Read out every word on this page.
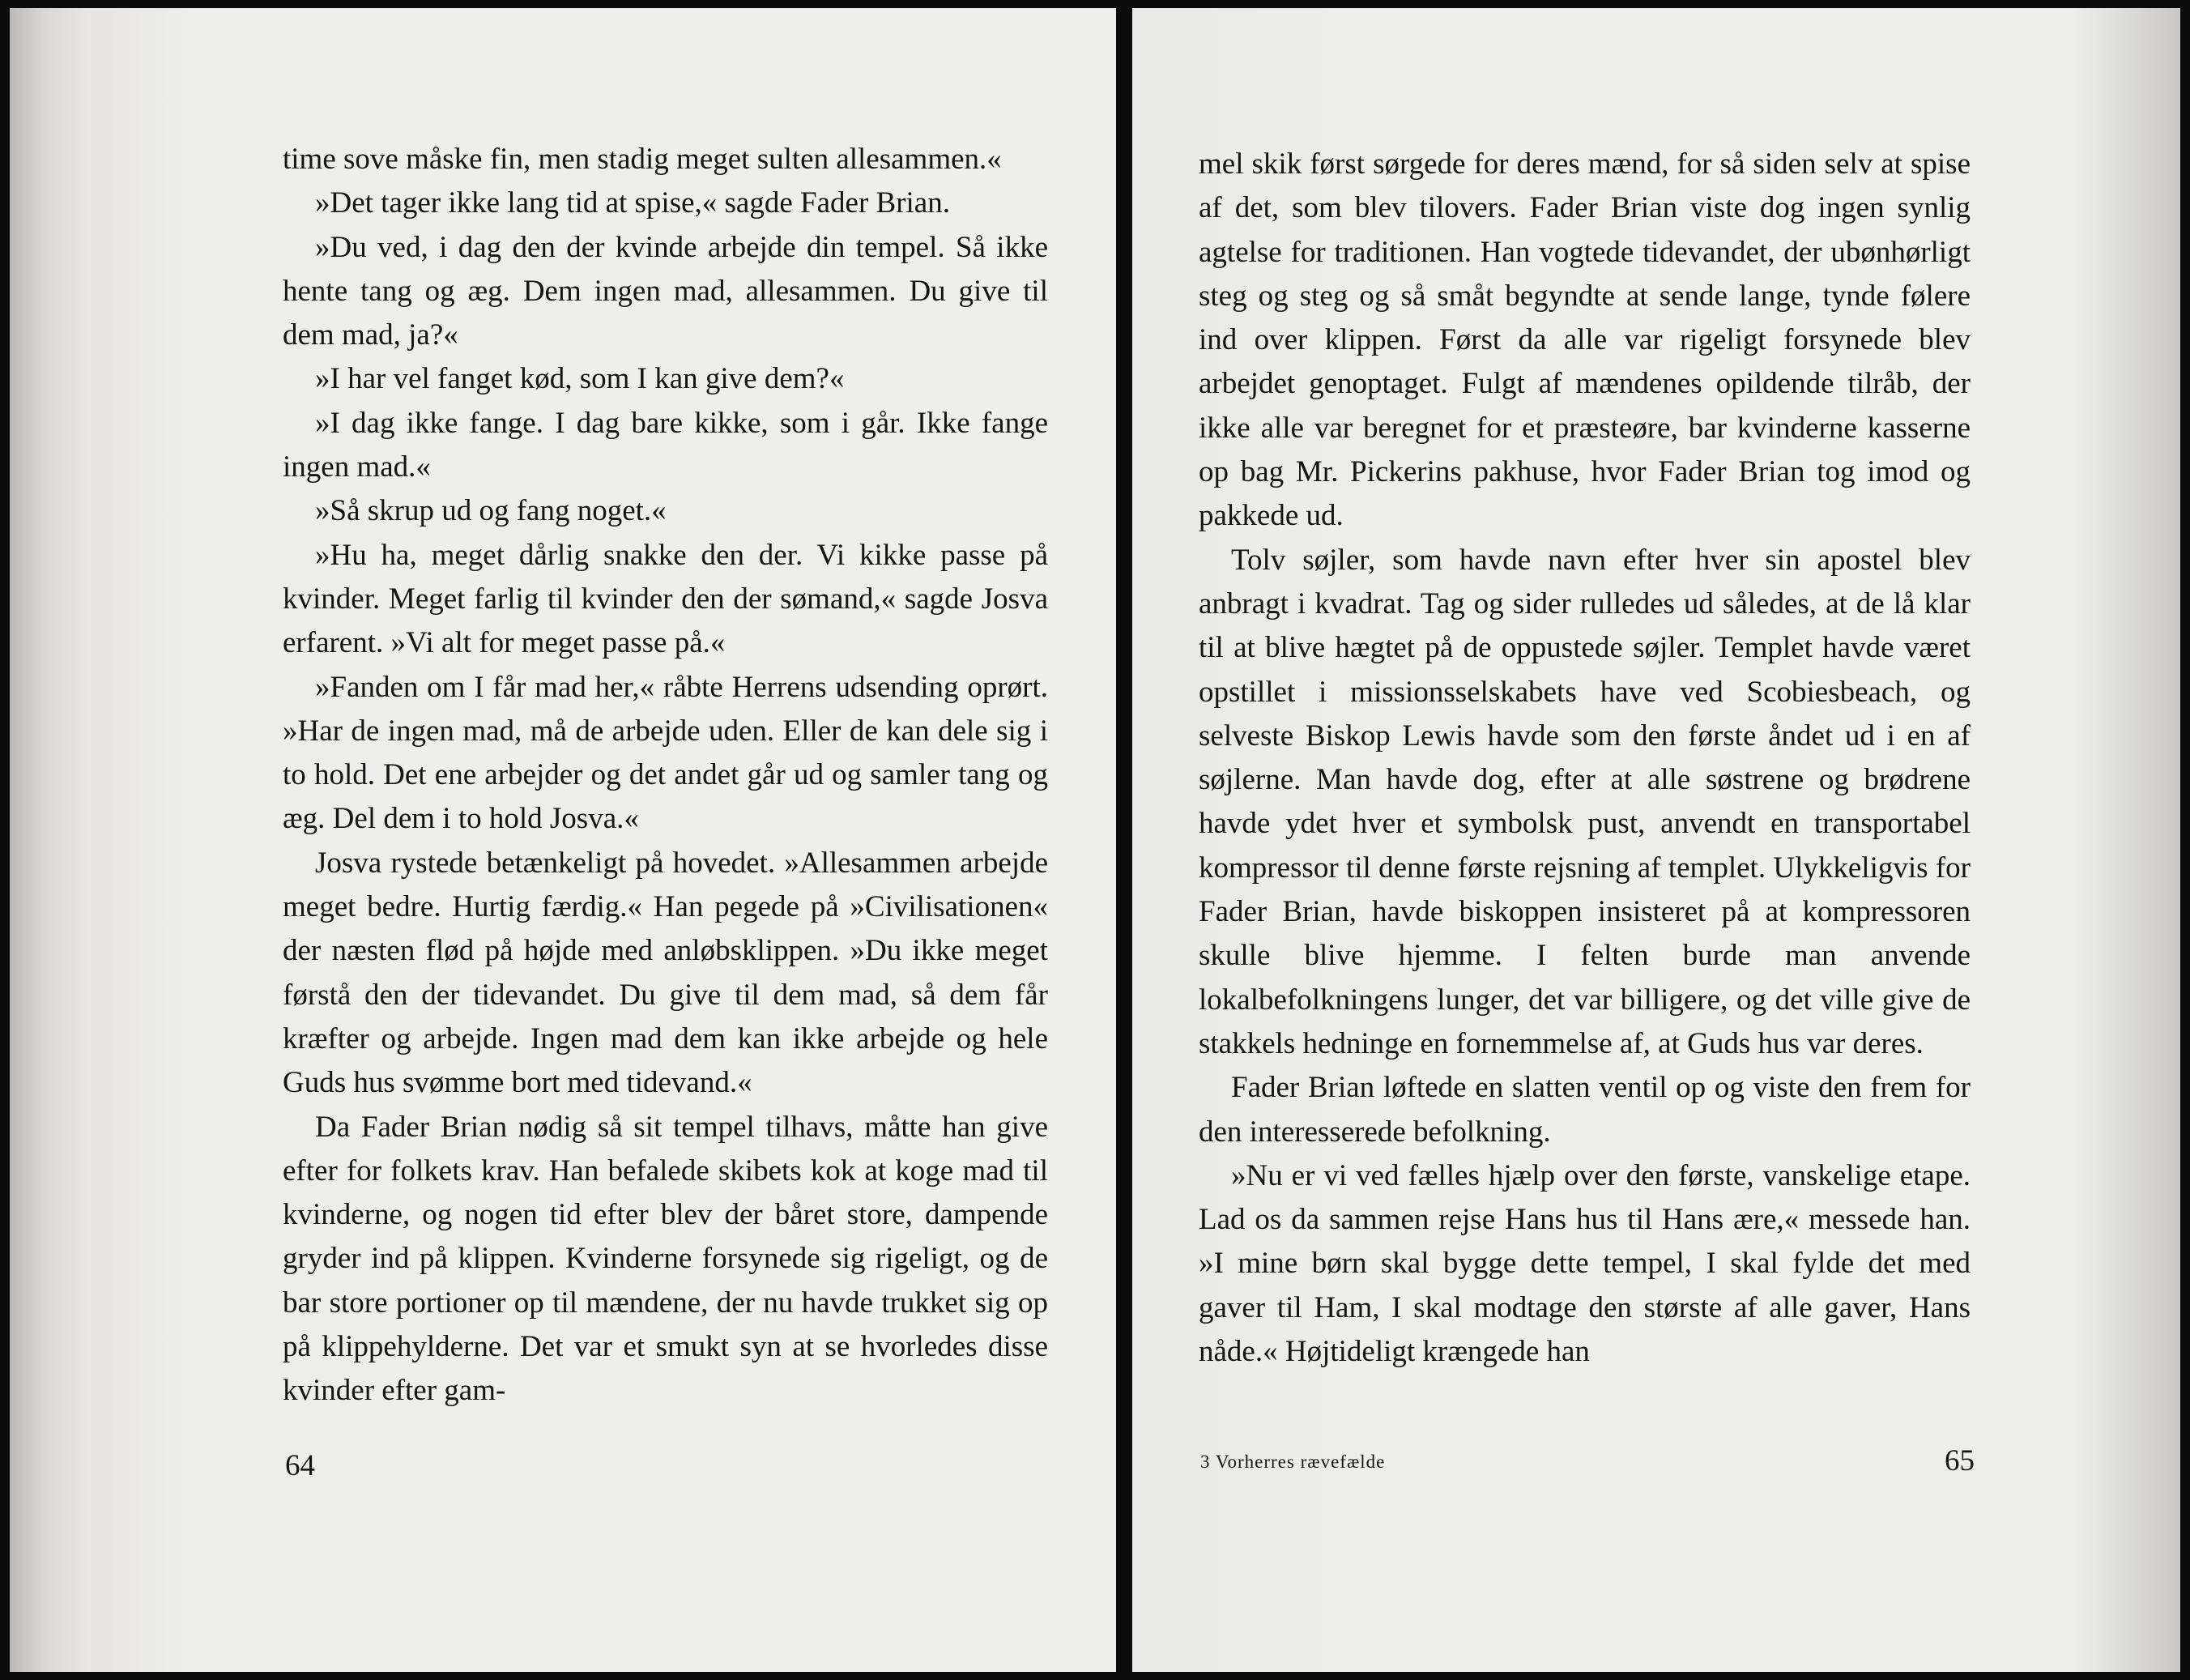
time sove måske fin, men stadig meget sulten allesammen.«

»Det tager ikke lang tid at spise,« sagde Fader Brian.

»Du ved, i dag den der kvinde arbejde din tempel. Så ikke hente tang og æg. Dem ingen mad, allesammen. Du give til dem mad, ja?«

»I har vel fanget kød, som I kan give dem?«

»I dag ikke fange. I dag bare kikke, som i går. Ikke fange ingen mad.«

»Så skrup ud og fang noget.«

»Hu ha, meget dårlig snakke den der. Vi kikke passe på kvinder. Meget farlig til kvinder den der sømand,« sagde Josva erfarent. »Vi alt for meget passe på.«

»Fanden om I får mad her,« råbte Herrens udsending oprørt. »Har de ingen mad, må de arbejde uden. Eller de kan dele sig i to hold. Det ene arbejder og det andet går ud og samler tang og æg. Del dem i to hold Josva.«

Josva rystede betænkeligt på hovedet. »Allesammen arbejde meget bedre. Hurtig færdig.« Han pegede på »Civilisationen« der næsten flød på højde med anløbsklippen. »Du ikke meget førstå den der tidevandet. Du give til dem mad, så dem får kræfter og arbejde. Ingen mad dem kan ikke arbejde og hele Guds hus svømme bort med tidevand.«

Da Fader Brian nødig så sit tempel tilhavs, måtte han give efter for folkets krav. Han befalede skibets kok at koge mad til kvinderne, og nogen tid efter blev der båret store, dampende gryder ind på klippen. Kvinderne forsynede sig rigeligt, og de bar store portioner op til mændene, der nu havde trukket sig op på klippehylderne. Det var et smukt syn at se hvorledes disse kvinder efter gam-

64

mel skik først sørgede for deres mænd, for så siden selv at spise af det, som blev tilovers. Fader Brian viste dog ingen synlig agtelse for traditionen. Han vogtede tidevandet, der ubønhørligt steg og steg og så småt begyndte at sende lange, tynde følere ind over klippen. Først da alle var rigeligt forsynede blev arbejdet genoptaget. Fulgt af mændenes opildende tilråb, der ikke alle var beregnet for et præsteøre, bar kvinderne kasserne op bag Mr. Pickerins pakhuse, hvor Fader Brian tog imod og pakkede ud.

Tolv søjler, som havde navn efter hver sin apostel blev anbragt i kvadrat. Tag og sider rulledes ud således, at de lå klar til at blive hægtet på de oppustede søjler. Templet havde været opstillet i missionsselskabets have ved Scobiesbeach, og selveste Biskop Lewis havde som den første åndet ud i en af søjlerne. Man havde dog, efter at alle søstrene og brødrene havde ydet hver et symbolsk pust, anvendt en transportabel kompressor til denne første rejsning af templet. Ulykkeligvis for Fader Brian, havde biskoppen insisteret på at kompressoren skulle blive hjemme. I felten burde man anvende lokalbefolkningens lunger, det var billigere, og det ville give de stakkels hedninge en fornemmelse af, at Guds hus var deres.

Fader Brian løftede en slatten ventil op og viste den frem for den interesserede befolkning.

»Nu er vi ved fælles hjælp over den første, vanskelige etape. Lad os da sammen rejse Hans hus til Hans ære,« messede han. »I mine børn skal bygge dette tempel, I skal fylde det med gaver til Ham, I skal modtage den største af alle gaver, Hans nåde.« Højtideligt krængede han

3 Vorherres rævefælde	65
